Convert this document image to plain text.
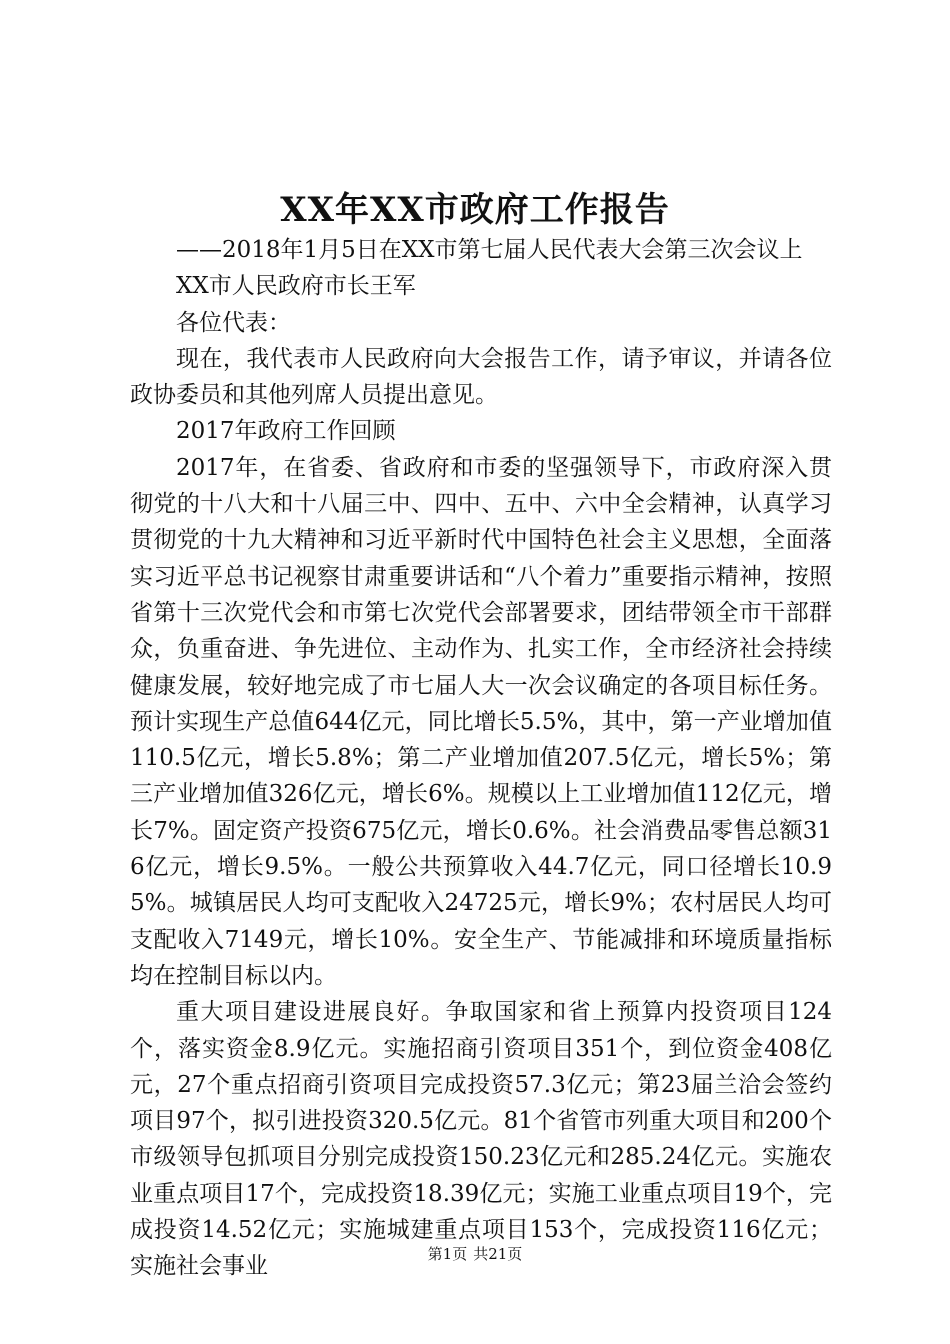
XX年XX市政府工作报告

——2018年1月5日在XX市第七届人民代表大会第三次会议上

XX市人民政府市长王军

各位代表：

现在，我代表市人民政府向大会报告工作，请予审议，并请各位政协委员和其他列席人员提出意见。

2017年政府工作回顾

2017年，在省委、省政府和市委的坚强领导下，市政府深入贯彻党的十八大和十八届三中、四中、五中、六中全会精神，认真学习贯彻党的十九大精神和习近平新时代中国特色社会主义思想，全面落实习近平总书记视察甘肃重要讲话和“八个着力”重要指示精神，按照省第十三次党代会和市第七次党代会部署要求，团结带领全市干部群众，负重奋进、争先进位、主动作为、扎实工作，全市经济社会持续健康发展，较好地完成了市七届人大一次会议确定的各项目标任务。预计实现生产总值644亿元，同比增长5.5%，其中，第一产业增加值110.5亿元，增长5.8%；第二产业增加值207.5亿元，增长5%；第三产业增加值326亿元，增长6%。规模以上工业增加值112亿元，增长7%。固定资产投资675亿元，增长0.6%。社会消费品零售总额316亿元，增长9.5%。一般公共预算收入44.7亿元，同口径增长10.95%。城镇居民人均可支配收入24725元，增长9%；农村居民人均可支配收入7149元，增长10%。安全生产、节能减排和环境质量指标均在控制目标以内。

重大项目建设进展良好。争取国家和省上预算内投资项目124个，落实资金8.9亿元。实施招商引资项目351个，到位资金408亿元，27个重点招商引资项目完成投资57.3亿元；第23届兰洽会签约项目97个，拟引进投资320.5亿元。81个省管市列重大项目和200个市级领导包抓项目分别完成投资150.23亿元和285.24亿元。实施农业重点项目17个，完成投资18.39亿元；实施工业重点项目19个，完成投资14.52亿元；实施城建重点项目153个，完成投资116亿元；实施社会事业	第1页 共21页
